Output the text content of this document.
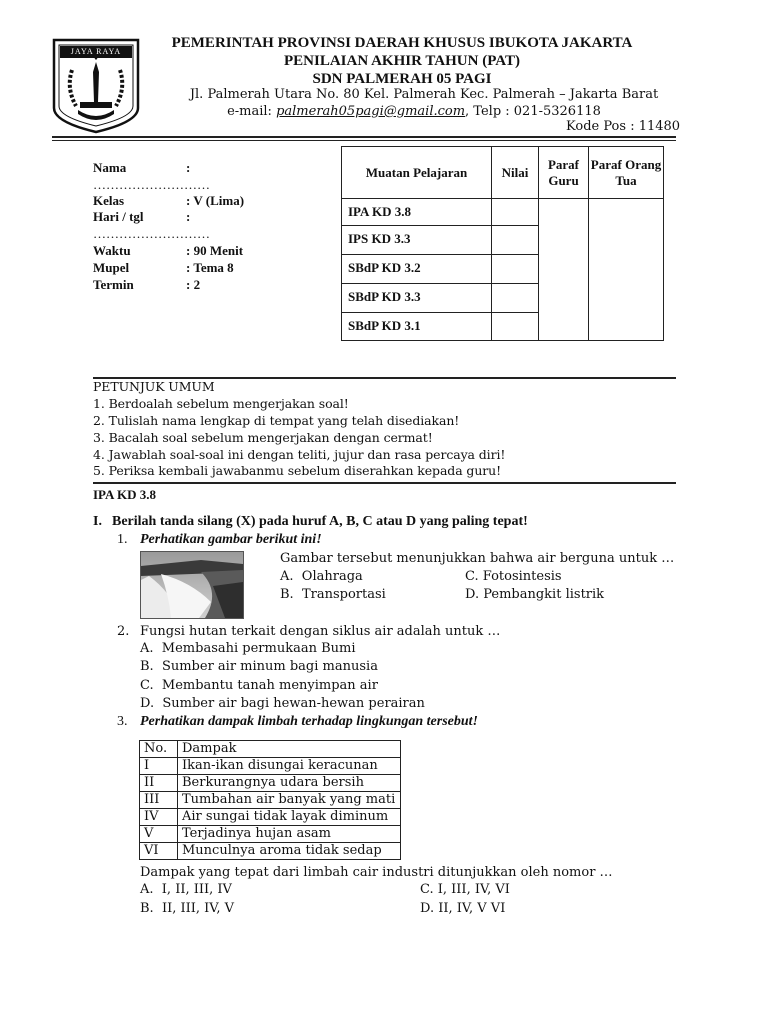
JAYA RAYA
52
PEMERINTAH PROVINSI DAERAH KHUSUS IBUKOTA JAKARTA
PENILAIAN AKHIR TAHUN (PAT)
SDN PALMERAH 05 PAGI
Jl. Palmerah Utara No. 80 Kel. Palmerah Kec. Palmerah – Jakarta Barat
e-mail: palmerah05pagi@gmail.com, Telp : 021-5326118
Kode Pos : 11480
Nama	:
………………………
Kelas	: V (Lima)
Hari / tgl	:
………………………
Waktu	: 90 Menit
Mupel	: Tema 8
Termin	: 2
Muatan Pelajaran	Nilai	Paraf Guru	Paraf Orang Tua
IPA KD 3.8			
IPS KD 3.3			
SBdP KD 3.2			
SBdP KD 3.3			
SBdP KD 3.1			
PETUNJUK UMUM
1. Berdoalah sebelum mengerjakan soal!
2. Tulislah nama lengkap di tempat yang telah disediakan!
3. Bacalah soal sebelum mengerjakan dengan cermat!
4. Jawablah soal-soal ini dengan teliti, jujur dan rasa percaya diri!
5. Periksa kembali jawabanmu sebelum diserahkan kepada guru!
IPA KD 3.8
I. Berilah tanda silang (X) pada huruf A, B, C atau D yang paling tepat!
1. Perhatikan gambar berikut ini!
Gambar tersebut menunjukkan bahwa air berguna untuk …
A. Olahraga	C. Fotosintesis
B. Transportasi	D. Pembangkit listrik
2. Fungsi hutan terkait dengan siklus air adalah untuk …
A. Membasahi permukaan Bumi
B. Sumber air minum bagi manusia
C. Membantu tanah menyimpan air
D. Sumber air bagi hewan-hewan perairan
3. Perhatikan dampak limbah terhadap lingkungan tersebut!
No.	Dampak
I	Ikan-ikan disungai keracunan
II	Berkurangnya udara bersih
III	Tumbahan air banyak yang mati
IV	Air sungai tidak layak diminum
V	Terjadinya hujan asam
VI	Munculnya aroma tidak sedap
Dampak yang tepat dari limbah cair industri ditunjukkan oleh nomor …
A. I, II, III, IV	C. I, III, IV, VI
B. II, III, IV, V	D. II, IV, V VI
